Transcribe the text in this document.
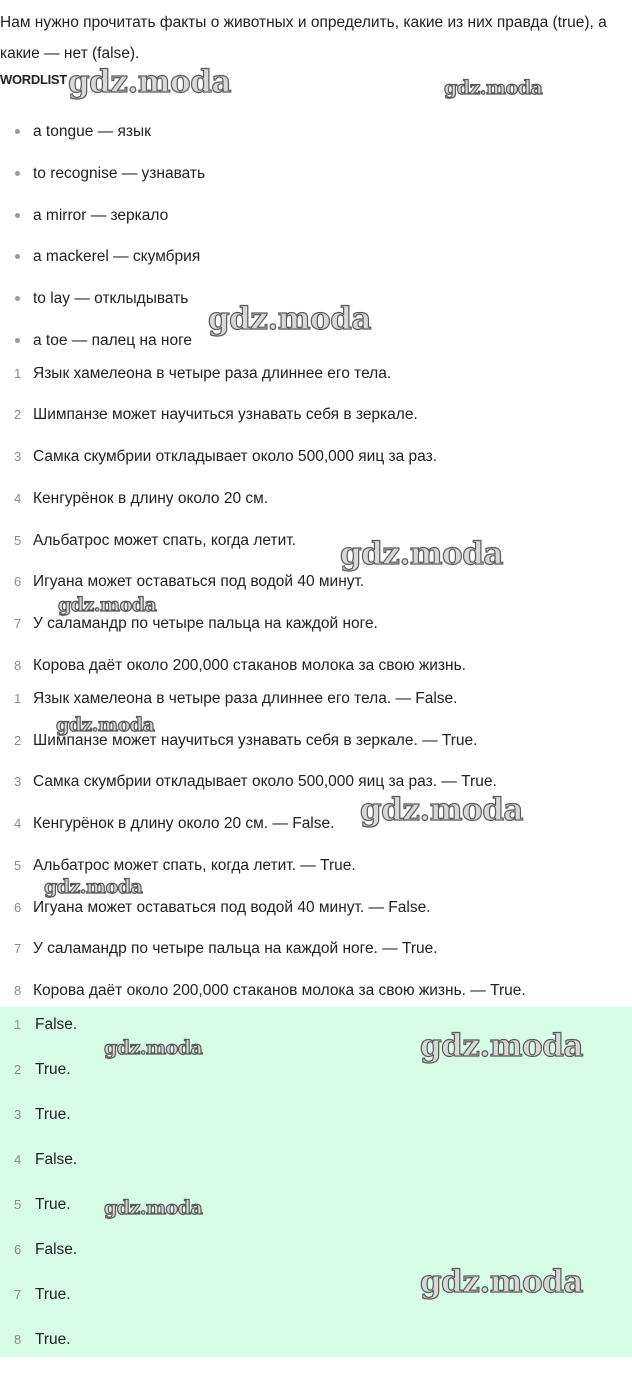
Нам нужно прочитать факты о животных и определить, какие из них правда (true), а какие — нет (false).
WORDLIST
a tongue — язык
to recognise — узнавать
a mirror — зеркало
a mackerel — скумбрия
to lay — отклыдывать
a toe — палец на ноге
1 Язык хамелеона в четыре раза длиннее его тела.
2 Шимпанзе может научиться узнавать себя в зеркале.
3 Самка скумбрии откладывает около 500,000 яиц за раз.
4 Кенгурёнок в длину около 20 см.
5 Альбатрос может спать, когда летит.
6 Игуана может оставаться под водой 40 минут.
7 У саламандр по четыре пальца на каждой ноге.
8 Корова даёт около 200,000 стаканов молока за свою жизнь.
1 Язык хамелеона в четыре раза длиннее его тела. — False.
2 Шимпанзе может научиться узнавать себя в зеркале. — True.
3 Самка скумбрии откладывает около 500,000 яиц за раз. — True.
4 Кенгурёнок в длину около 20 см. — False.
5 Альбатрос может спать, когда летит. — True.
6 Игуана может оставаться под водой 40 минут. — False.
7 У саламандр по четыре пальца на каждой ноге. — True.
8 Корова даёт около 200,000 стаканов молока за свою жизнь. — True.
1 False.
2 True.
3 True.
4 False.
5 True.
6 False.
7 True.
8 True.
gdz.moda	gdz.moda
gdz.moda
gdz.moda
gdz.moda
gdz.moda
gdz.moda
gdz.moda
gdz.moda	gdz.moda
gdz.moda
gdz.moda
